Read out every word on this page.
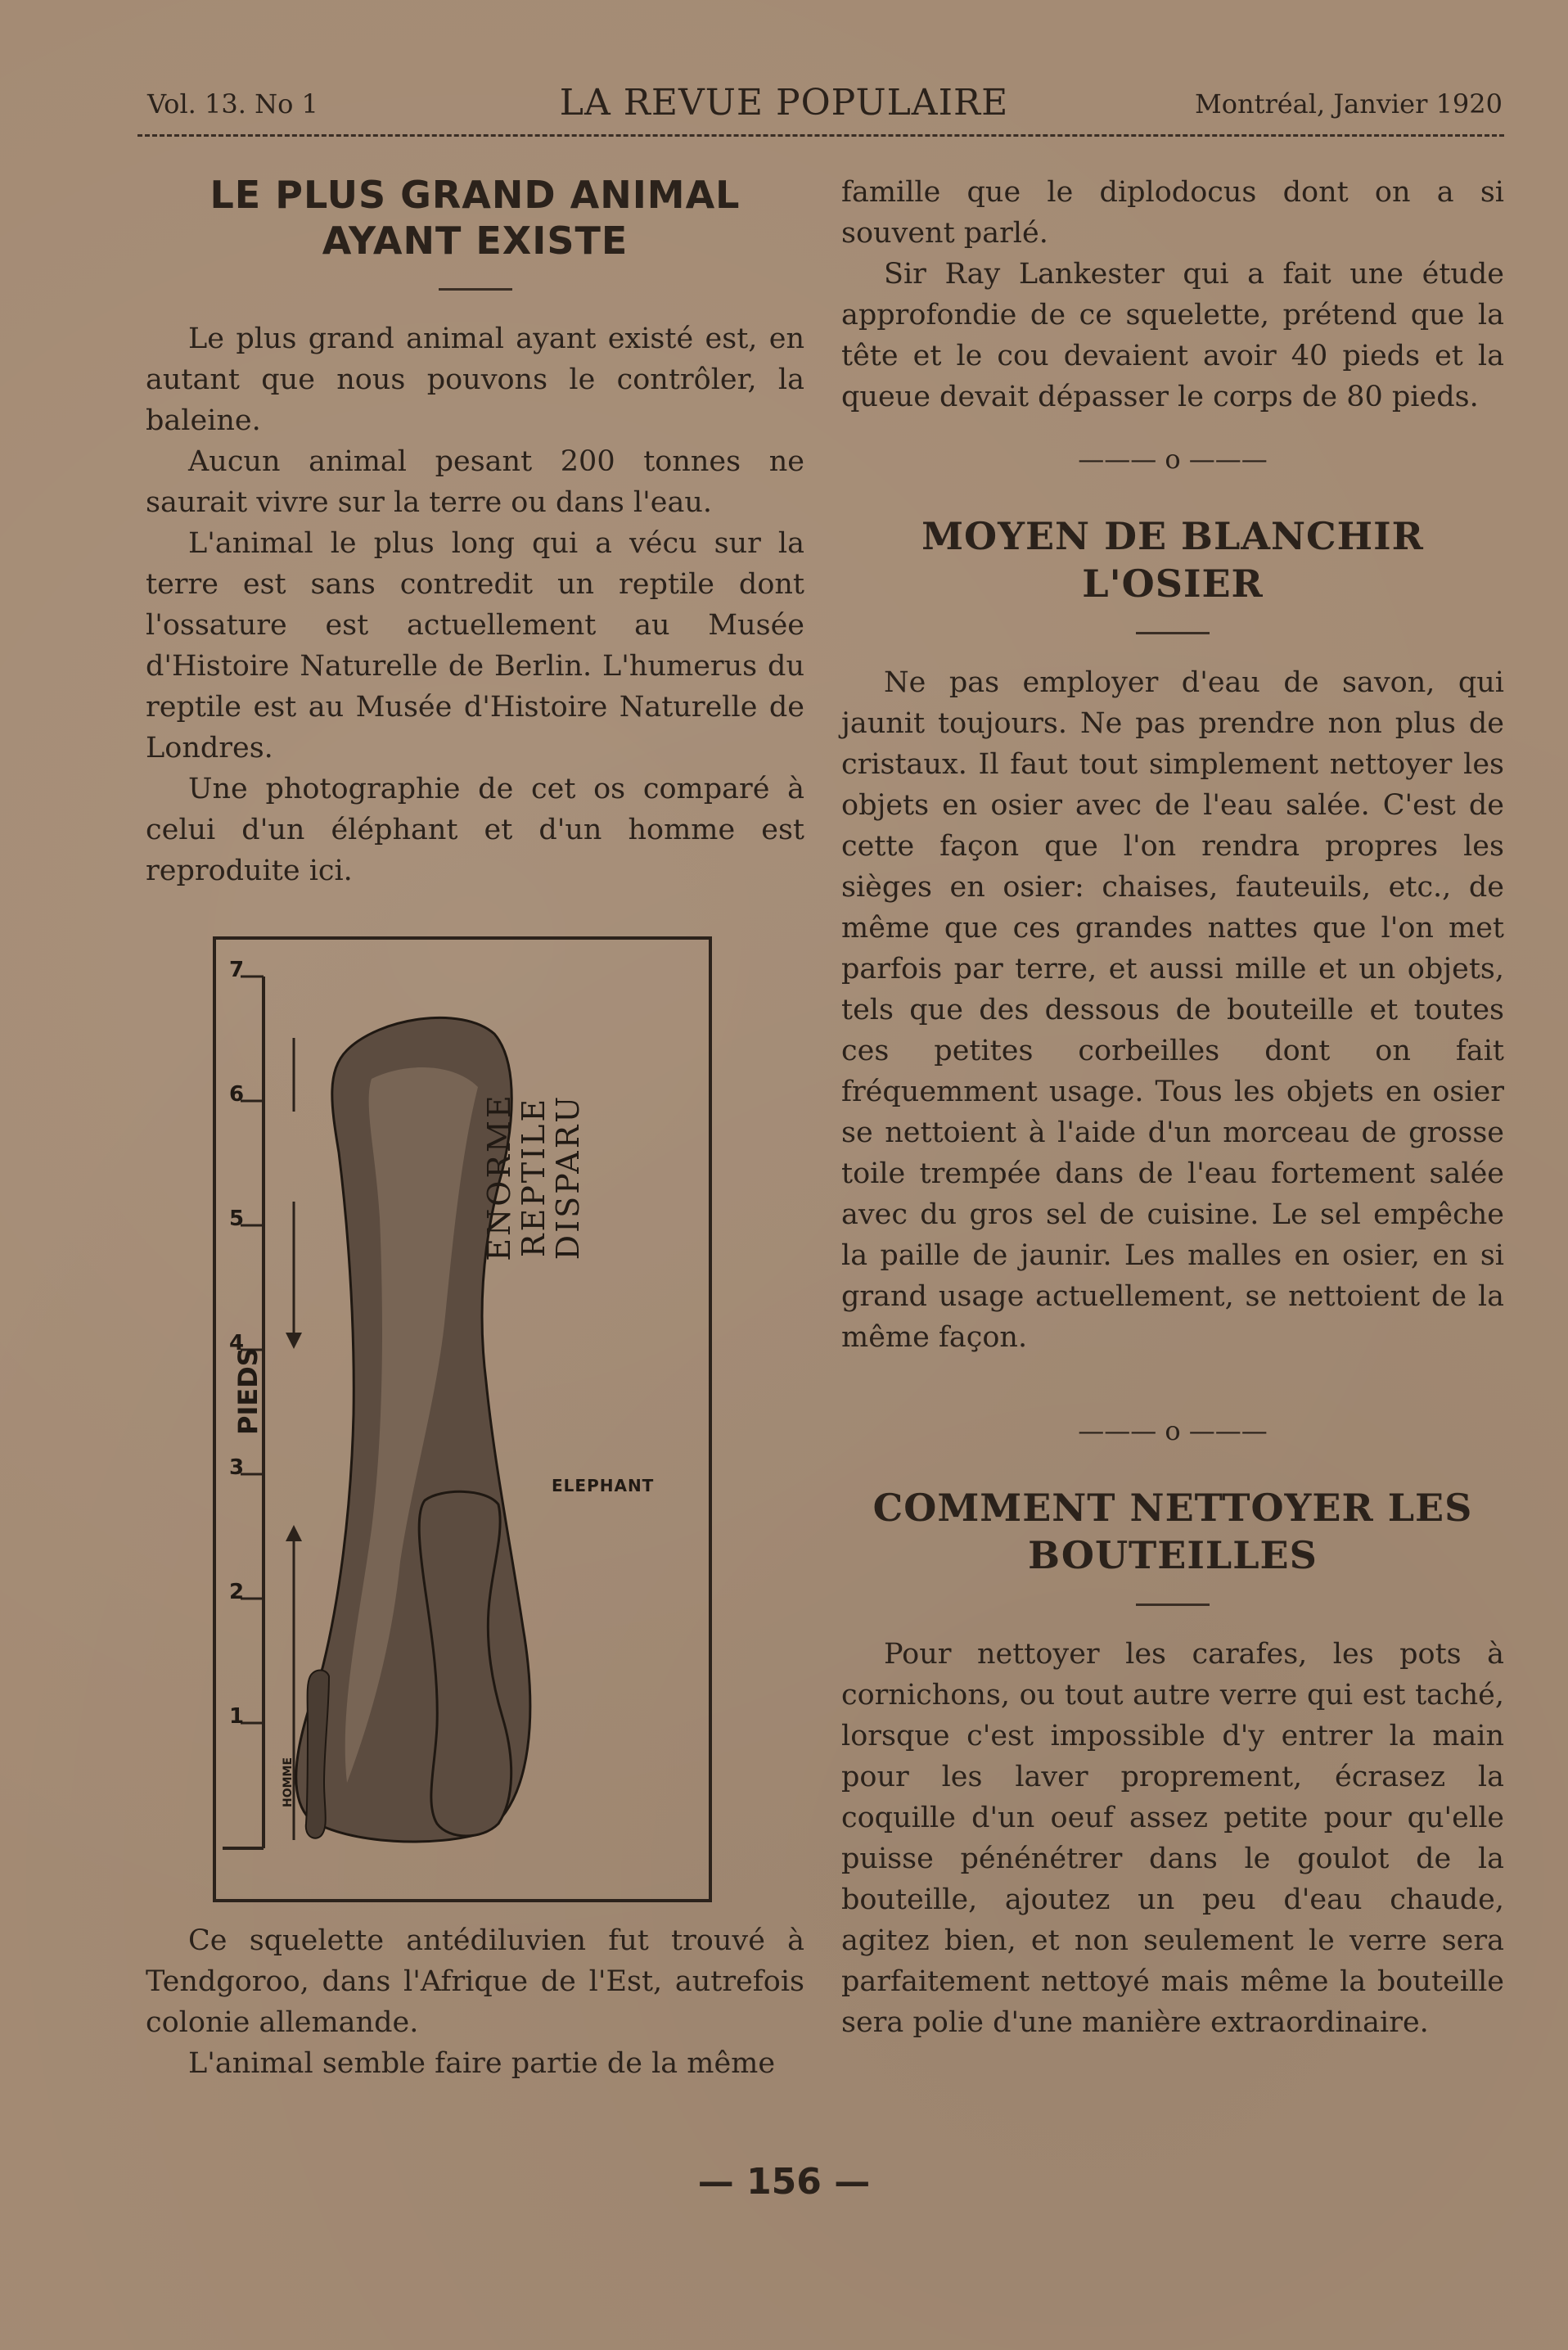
Vol. 13. No 1	LA REVUE POPULAIRE	Montréal, Janvier 1920
LE PLUS GRAND ANIMAL AYANT EXISTE

Le plus grand animal ayant existé est, en autant que nous pouvons le contrôler, la baleine.

Aucun animal pesant 200 tonnes ne saurait vivre sur la terre ou dans l'eau.

L'animal le plus long qui a vécu sur la terre est sans contredit un reptile dont l'ossature est actuellement au Musée d'Histoire Naturelle de Berlin. L'humerus du reptile est au Musée d'Histoire Naturelle de Londres.

Une photographie de cet os comparé à celui d'un éléphant et d'un homme est reproduite ici.

7
6
5
4
3
2
1
PIEDS
ENORME
REPTILE
DISPARU
ELEPHANT
HOMME

Ce squelette antédiluvien fut trouvé à Tendgoroo, dans l'Afrique de l'Est, autrefois colonie allemande.

L'animal semble faire partie de la même

famille que le diplodocus dont on a si souvent parlé.

Sir Ray Lankester qui a fait une étude approfondie de ce squelette, prétend que la tête et le cou devaient avoir 40 pieds et la queue devait dépasser le corps de 80 pieds.

——— o ———
MOYEN DE BLANCHIR L'OSIER

Ne pas employer d'eau de savon, qui jaunit toujours. Ne pas prendre non plus de cristaux. Il faut tout simplement nettoyer les objets en osier avec de l'eau salée. C'est de cette façon que l'on rendra propres les sièges en osier: chaises, fauteuils, etc., de même que ces grandes nattes que l'on met parfois par terre, et aussi mille et un objets, tels que des dessous de bouteille et toutes ces petites corbeilles dont on fait fréquemment usage. Tous les objets en osier se nettoient à l'aide d'un morceau de grosse toile trempée dans de l'eau fortement salée avec du gros sel de cuisine. Le sel empêche la paille de jaunir. Les malles en osier, en si grand usage actuellement, se nettoient de la même façon.

——— o ———
COMMENT NETTOYER LES BOUTEILLES

Pour nettoyer les carafes, les pots à cornichons, ou tout autre verre qui est taché, lorsque c'est impossible d'y entrer la main pour les laver proprement, écrasez la coquille d'un oeuf assez petite pour qu'elle puisse pénénétrer dans le goulot de la bouteille, ajoutez un peu d'eau chaude, agitez bien, et non seulement le verre sera parfaitement nettoyé mais même la bouteille sera polie d'une manière extraordinaire.

— 156 —
